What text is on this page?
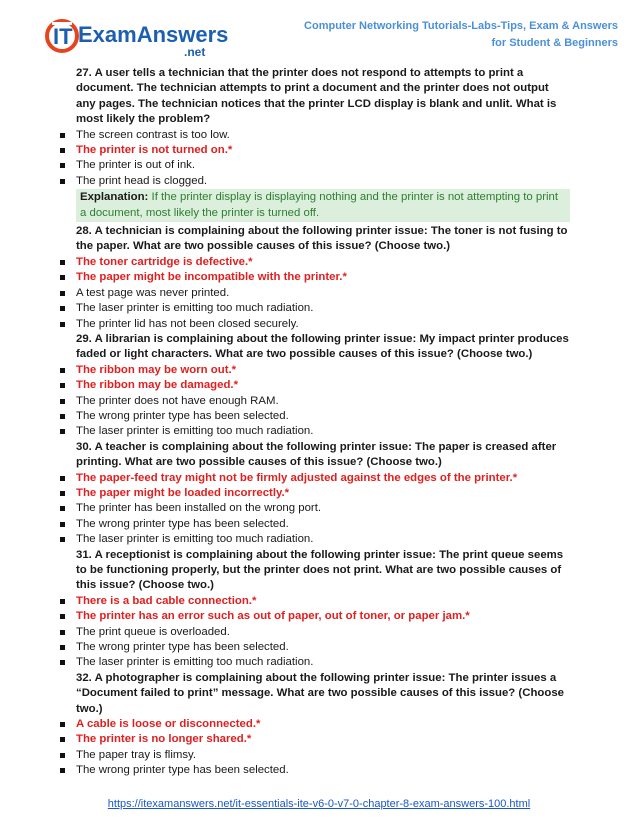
IT ExamAnswers
.net
Computer Networking Tutorials-Labs-Tips, Exam & Answers
for Student & Beginners

27. A user tells a technician that the printer does not respond to attempts to print a document. The technician attempts to print a document and the printer does not output any pages. The technician notices that the printer LCD display is blank and unlit. What is most likely the problem?

The screen contrast is too low.
The printer is not turned on.*
The printer is out of ink.
The print head is clogged.
Explanation: If the printer display is displaying nothing and the printer is not attempting to print a document, most likely the printer is turned off.

28. A technician is complaining about the following printer issue: The toner is not fusing to the paper. What are two possible causes of this issue? (Choose two.)

The toner cartridge is defective.*
The paper might be incompatible with the printer.*
A test page was never printed.
The laser printer is emitting too much radiation.
The printer lid has not been closed securely.

29. A librarian is complaining about the following printer issue: My impact printer produces faded or light characters. What are two possible causes of this issue? (Choose two.)

The ribbon may be worn out.*
The ribbon may be damaged.*
The printer does not have enough RAM.
The wrong printer type has been selected.
The laser printer is emitting too much radiation.

30. A teacher is complaining about the following printer issue: The paper is creased after printing. What are two possible causes of this issue? (Choose two.)

The paper-feed tray might not be firmly adjusted against the edges of the printer.*
The paper might be loaded incorrectly.*
The printer has been installed on the wrong port.
The wrong printer type has been selected.
The laser printer is emitting too much radiation.

31. A receptionist is complaining about the following printer issue: The print queue seems to be functioning properly, but the printer does not print. What are two possible causes of this issue? (Choose two.)

There is a bad cable connection.*
The printer has an error such as out of paper, out of toner, or paper jam.*
The print queue is overloaded.
The wrong printer type has been selected.
The laser printer is emitting too much radiation.

32. A photographer is complaining about the following printer issue: The printer issues a “Document failed to print” message. What are two possible causes of this issue? (Choose two.)

A cable is loose or disconnected.*
The printer is no longer shared.*
The paper tray is flimsy.
The wrong printer type has been selected.
https://itexamanswers.net/it-essentials-ite-v6-0-v7-0-chapter-8-exam-answers-100.html
